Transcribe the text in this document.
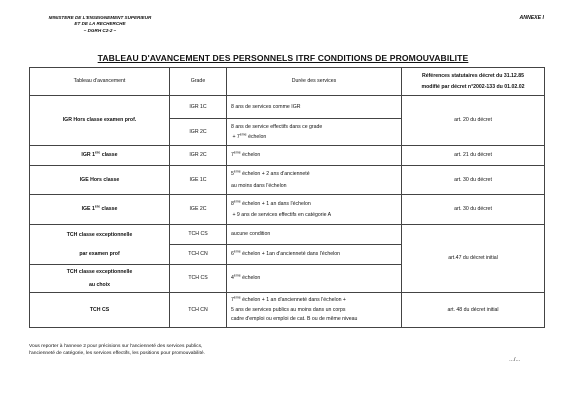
MINISTERE DE L'ENSEIGNEMENT SUPERIEUR
ET DE LA RECHERCHE
– DGRH C2-2 –
ANNEXE I
TABLEAU D'AVANCEMENT DES PERSONNELS ITRF CONDITIONS DE PROMOUVABILITE
Tableau d'avancement	Grade	Durée des services	Références statutaires décret du 31.12.85
modifié par décret n°2002-133 du 01.02.02

IGR Hors classe examen prof.	IGR 1C	8 ans de services comme IGR	art. 20 du décret
	IGR 2C	8 ans de service effectifs dans ce grade
+ 7ème échelon	

IGR 1ère classe	IGR 2C	7ème échelon	art. 21 du décret
IGE Hors classe	IGE 1C	5ème échelon + 2 ans d'ancienneté
au moins dans l'échelon	art. 30 du décret
IGE 1ère classe	IGE 2C	8ème échelon + 1 an dans l'échelon
+ 9 ans de services effectifs en catégorie A	art. 30 du décret

TCH classe exceptionnelle
par examen prof	TCH CS	aucune condition	art.47 du décret initial
	TCH CN	6ème échelon + 1an d'ancienneté dans l'échelon	

TCH classe exceptionnelle
au choix	TCH CS	4ème échelon	
TCH CS	TCH CN	7ème échelon + 1 an d'ancienneté dans l'échelon +
5 ans de services publics au moins dans un corps
cadre d'emploi ou emploi de cat. B ou de même niveau	art. 48 du décret initial
Vous reporter à l'annexe 2 pour précisions sur l'ancienneté des services publics,
l'ancienneté de catégorie, les services effectifs, les positions pour promouvabilité.
…/…
